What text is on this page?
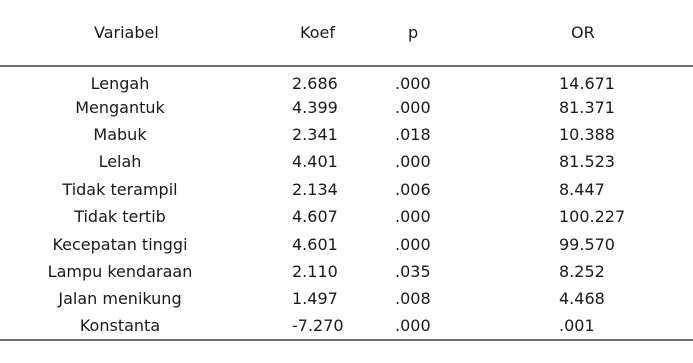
Variabel	Koef	p	OR
Lengah	2.686	.000	14.671
Mengantuk	4.399	.000	81.371
Mabuk	2.341	.018	10.388
Lelah	4.401	.000	81.523
Tidak terampil	2.134	.006	8.447
Tidak tertib	4.607	.000	100.227
Kecepatan tinggi	4.601	.000	99.570
Lampu kendaraan	2.110	.035	8.252
Jalan menikung	1.497	.008	4.468
Konstanta	-7.270	.000	.001
